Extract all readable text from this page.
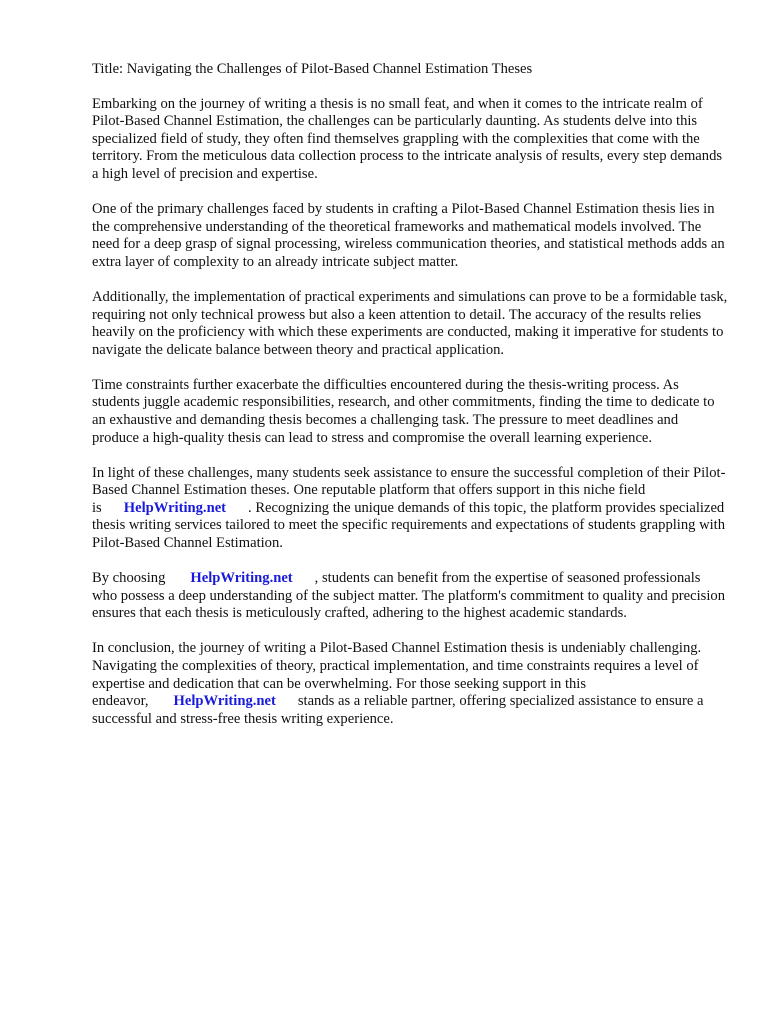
Title: Navigating the Challenges of Pilot-Based Channel Estimation Theses

Embarking on the journey of writing a thesis is no small feat, and when it comes to the intricate realm of Pilot-Based Channel Estimation, the challenges can be particularly daunting. As students delve into this specialized field of study, they often find themselves grappling with the complexities that come with the territory. From the meticulous data collection process to the intricate analysis of results, every step demands a high level of precision and expertise.

One of the primary challenges faced by students in crafting a Pilot-Based Channel Estimation thesis lies in the comprehensive understanding of the theoretical frameworks and mathematical models involved. The need for a deep grasp of signal processing, wireless communication theories, and statistical methods adds an extra layer of complexity to an already intricate subject matter.

Additionally, the implementation of practical experiments and simulations can prove to be a formidable task, requiring not only technical prowess but also a keen attention to detail. The accuracy of the results relies heavily on the proficiency with which these experiments are conducted, making it imperative for students to navigate the delicate balance between theory and practical application.

Time constraints further exacerbate the difficulties encountered during the thesis-writing process. As students juggle academic responsibilities, research, and other commitments, finding the time to dedicate to an exhaustive and demanding thesis becomes a challenging task. The pressure to meet deadlines and produce a high-quality thesis can lead to stress and compromise the overall learning experience.

In light of these challenges, many students seek assistance to ensure the successful completion of their Pilot-Based Channel Estimation theses. One reputable platform that offers support in this niche field is HelpWriting.net . Recognizing the unique demands of this topic, the platform provides specialized thesis writing services tailored to meet the specific requirements and expectations of students grappling with Pilot-Based Channel Estimation.

By choosing HelpWriting.net , students can benefit from the expertise of seasoned professionals who possess a deep understanding of the subject matter. The platform's commitment to quality and precision ensures that each thesis is meticulously crafted, adhering to the highest academic standards.

In conclusion, the journey of writing a Pilot-Based Channel Estimation thesis is undeniably challenging. Navigating the complexities of theory, practical implementation, and time constraints requires a level of expertise and dedication that can be overwhelming. For those seeking support in this endeavor, HelpWriting.net stands as a reliable partner, offering specialized assistance to ensure a successful and stress-free thesis writing experience.
